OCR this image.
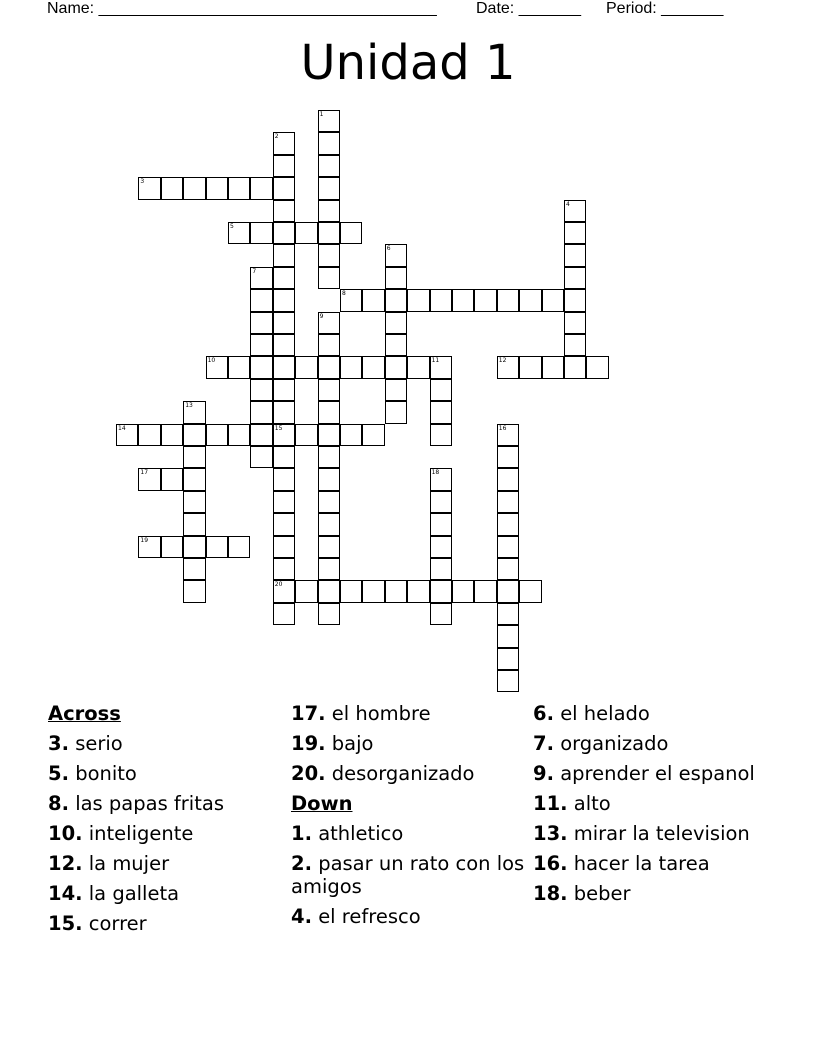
Name: ______________________________________ Date: _______ Period: _______
Unidad 1
1
2
15
20
3
4
5
6
7
8
9
10	11	12
13
14	16
17	18
19
Across
3. serio
5. bonito
8. las papas fritas
10. inteligente
12. la mujer
14. la galleta
15. correr
17. el hombre
19. bajo
20. desorganizado
Down
1. athletico
2. pasar un rato con los amigos
4. el refresco
6. el helado
7. organizado
9. aprender el espanol
11. alto
13. mirar la television
16. hacer la tarea
18. beber
